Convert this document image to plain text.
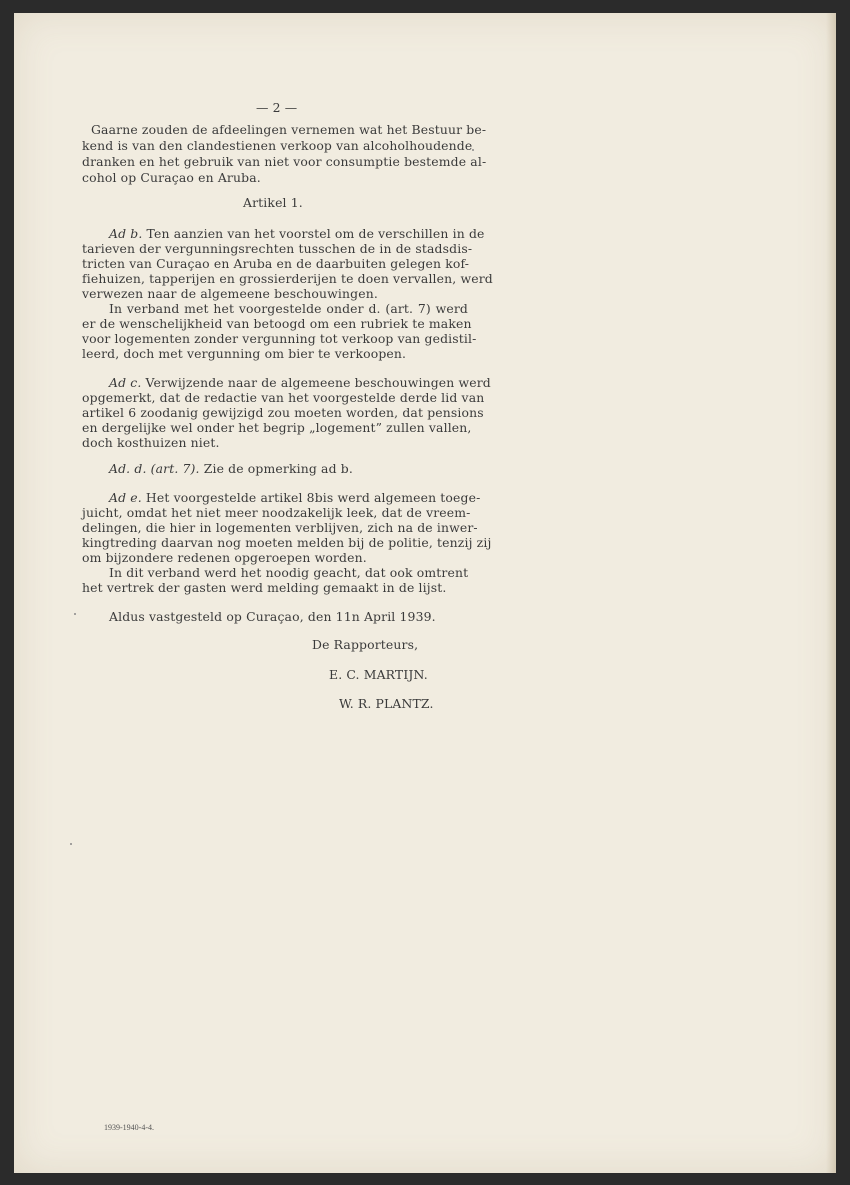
— 2 —
Gaarne zouden de afdeelingen vernemen wat het Bestuur be-
kend is van den clandestienen verkoop van alcoholhoudende
dranken en het gebruik van niet voor consumptie bestemde al-
cohol op Curaçao en Aruba.
Artikel 1.
Ad b. Ten aanzien van het voorstel om de verschillen in de
tarieven der vergunningsrechten tusschen de in de stadsdis-
tricten van Curaçao en Aruba en de daarbuiten gelegen kof-
fiehuizen, tapperijen en grossierderijen te doen vervallen, werd
verwezen naar de algemeene beschouwingen.
In verband met het voorgestelde onder d. (art. 7) werd
er de wenschelijkheid van betoogd om een rubriek te maken
voor logementen zonder vergunning tot verkoop van gedistil-
leerd, doch met vergunning om bier te verkoopen.
Ad c. Verwijzende naar de algemeene beschouwingen werd
opgemerkt, dat de redactie van het voorgestelde derde lid van
artikel 6 zoodanig gewijzigd zou moeten worden, dat pensions
en dergelijke wel onder het begrip „logement” zullen vallen,
doch kosthuizen niet.
Ad. d. (art. 7). Zie de opmerking ad b.
Ad e. Het voorgestelde artikel 8bis werd algemeen toege-
juicht, omdat het niet meer noodzakelijk leek, dat de vreem-
delingen, die hier in logementen verblijven, zich na de inwer-
kingtreding daarvan nog moeten melden bij de politie, tenzij zij
om bijzondere redenen opgeroepen worden.
In dit verband werd het noodig geacht, dat ook omtrent
het vertrek der gasten werd melding gemaakt in de lijst.
Aldus vastgesteld op Curaçao, den 11n April 1939.
De Rapporteurs,
E. C. MARTIJN.
W. R. PLANTZ.
1939-1940-4-4.
